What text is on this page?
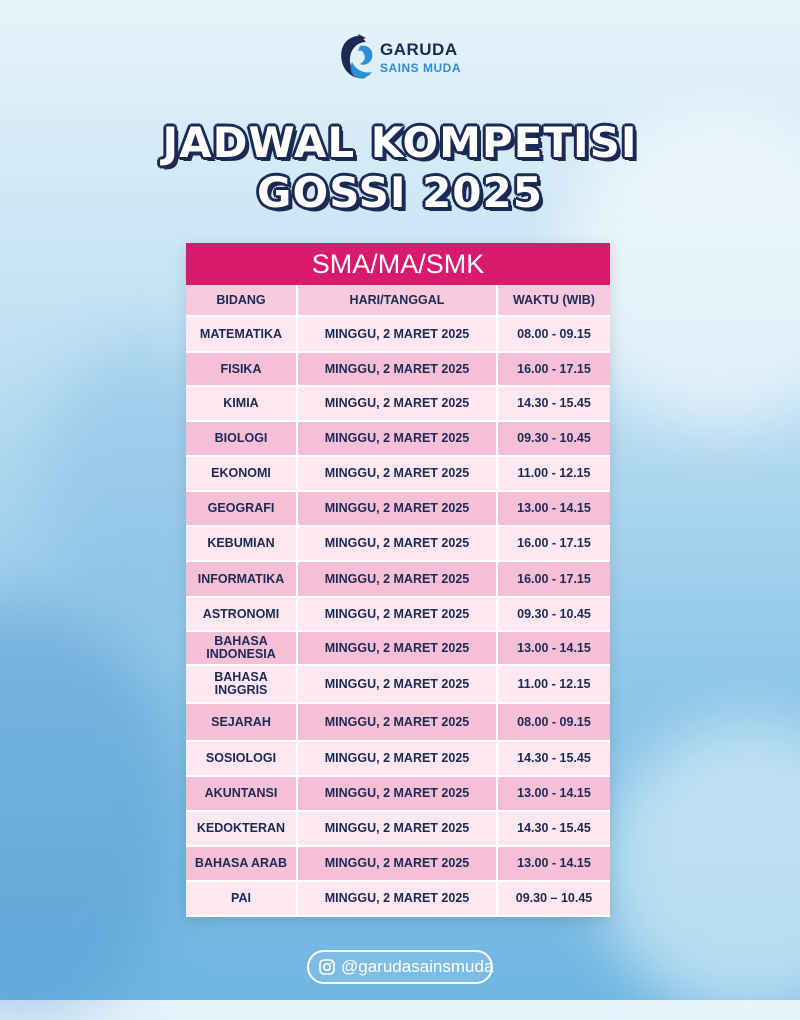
GARUDA
SAINS MUDA
JADWAL KOMPETISI
GOSSI 2025
SMA/MA/SMK
BIDANG	HARI/TANGGAL	WAKTU (WIB)
MATEMATIKA	MINGGU, 2 MARET 2025	08.00 - 09.15
FISIKA	MINGGU, 2 MARET 2025	16.00 - 17.15
KIMIA	MINGGU, 2 MARET 2025	14.30 - 15.45
BIOLOGI	MINGGU, 2 MARET 2025	09.30 - 10.45
EKONOMI	MINGGU, 2 MARET 2025	11.00 - 12.15
GEOGRAFI	MINGGU, 2 MARET 2025	13.00 - 14.15
KEBUMIAN	MINGGU, 2 MARET 2025	16.00 - 17.15
INFORMATIKA	MINGGU, 2 MARET 2025	16.00 - 17.15
ASTRONOMI	MINGGU, 2 MARET 2025	09.30 - 10.45
BAHASA INDONESIA	MINGGU, 2 MARET 2025	13.00 - 14.15
BAHASA INGGRIS	MINGGU, 2 MARET 2025	11.00 - 12.15
SEJARAH	MINGGU, 2 MARET 2025	08.00 - 09.15
SOSIOLOGI	MINGGU, 2 MARET 2025	14.30 - 15.45
AKUNTANSI	MINGGU, 2 MARET 2025	13.00 - 14.15
KEDOKTERAN	MINGGU, 2 MARET 2025	14.30 - 15.45
BAHASA ARAB	MINGGU, 2 MARET 2025	13.00 - 14.15
PAI	MINGGU, 2 MARET 2025	09.30 – 10.45
@garudasainsmuda
